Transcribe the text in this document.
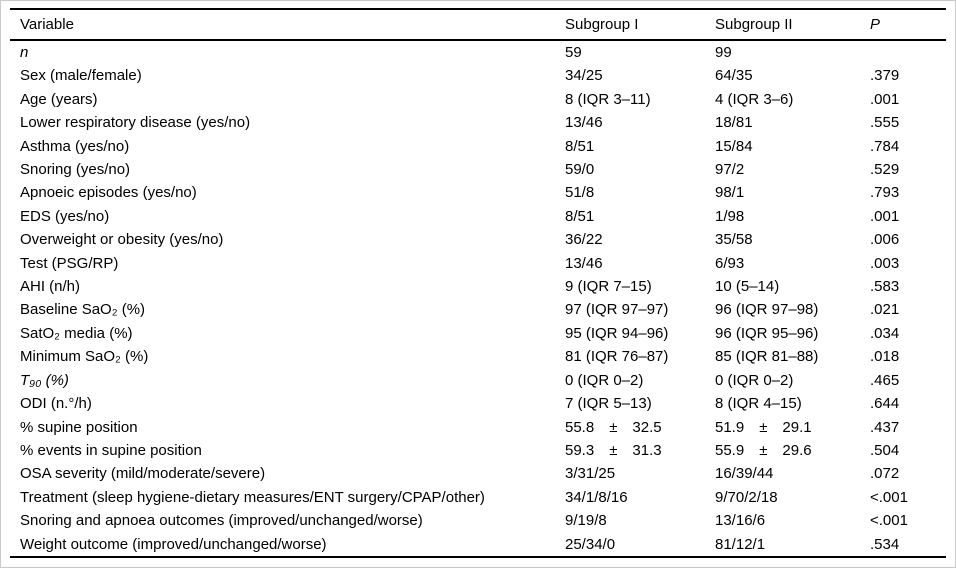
Variable	Subgroup I	Subgroup II	P
n	59	99	
Sex (male/female)	34/25	64/35	.379
Age (years)	8 (IQR 3–11)	4 (IQR 3–6)	.001
Lower respiratory disease (yes/no)	13/46	18/81	.555
Asthma (yes/no)	8/51	15/84	.784
Snoring (yes/no)	59/0	97/2	.529
Apnoeic episodes (yes/no)	51/8	98/1	.793
EDS (yes/no)	8/51	1/98	.001
Overweight or obesity (yes/no)	36/22	35/58	.006
Test (PSG/RP)	13/46	6/93	.003
AHI (n/h)	9 (IQR 7–15)	10 (5–14)	.583
Baseline SaO₂ (%)	97 (IQR 97–97)	96 (IQR 97–98)	.021
SatO₂ media (%)	95 (IQR 94–96)	96 (IQR 95–96)	.034
Minimum SaO₂ (%)	81 (IQR 76–87)	85 (IQR 81–88)	.018
T₉₀ (%)	0 (IQR 0–2)	0 (IQR 0–2)	.465
ODI (n.°/h)	7 (IQR 5–13)	8 (IQR 4–15)	.644
% supine position	55.8 ± 32.5	51.9 ± 29.1	.437
% events in supine position	59.3 ± 31.3	55.9 ± 29.6	.504
OSA severity (mild/moderate/severe)	3/31/25	16/39/44	.072
Treatment (sleep hygiene-dietary measures/ENT surgery/CPAP/other)	34/1/8/16	9/70/2/18	<.001
Snoring and apnoea outcomes (improved/unchanged/worse)	9/19/8	13/16/6	<.001
Weight outcome (improved/unchanged/worse)	25/34/0	81/12/1	.534
